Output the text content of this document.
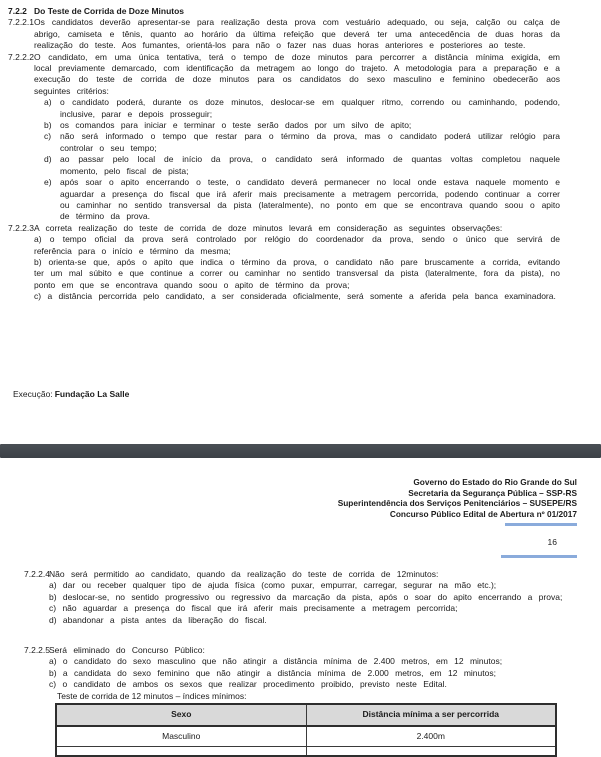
7.2.2 Do Teste de Corrida de Doze Minutos
7.2.2.1 Os candidatos deverão apresentar-se para realização desta prova com vestuário adequado, ou seja, calção ou calça de abrigo, camiseta e tênis, quanto ao horário da última refeição que deverá ter uma antecedência de duas horas da realização do teste. Aos fumantes, orientá-los para não o fazer nas duas horas anteriores e posteriores ao teste.
7.2.2.2 O candidato, em uma única tentativa, terá o tempo de doze minutos para percorrer a distância mínima exigida, em local previamente demarcado, com identificação da metragem ao longo do trajeto. A metodologia para a preparação e a execução do teste de corrida de doze minutos para os candidatos do sexo masculino e feminino obedecerão aos seguintes critérios:
a) o candidato poderá, durante os doze minutos, deslocar-se em qualquer ritmo, correndo ou caminhando, podendo, inclusive, parar e depois prosseguir;
b) os comandos para iniciar e terminar o teste serão dados por um silvo de apito;
c) não será informado o tempo que restar para o término da prova, mas o candidato poderá utilizar relógio para controlar o seu tempo;
d) ao passar pelo local de início da prova, o candidato será informado de quantas voltas completou naquele momento, pelo fiscal de pista;
e) após soar o apito encerrando o teste, o candidato deverá permanecer no local onde estava naquele momento e aguardar a presença do fiscal que irá aferir mais precisamente a metragem percorrida, podendo continuar a correr ou caminhar no sentido transversal da pista (lateralmente), no ponto em que se encontrava quando soou o apito de término da prova.
7.2.2.3 A correta realização do teste de corrida de doze minutos levará em consideração as seguintes observações:
a) o tempo oficial da prova será controlado por relógio do coordenador da prova, sendo o único que servirá de referência para o início e término da mesma;
b) orienta-se que, após o apito que indica o término da prova, o candidato não pare bruscamente a corrida, evitando ter um mal súbito e que continue a correr ou caminhar no sentido transversal da pista (lateralmente, fora da pista), no ponto em que se encontrava quando soou o apito de término da prova;
c) a distância percorrida pelo candidato, a ser considerada oficialmente, será somente a aferida pela banca examinadora.
Execução: Fundação La Salle
Governo do Estado do Rio Grande do Sul
Secretaria da Segurança Pública – SSP-RS
Superintendência dos Serviços Penitenciários – SUSEPE/RS
Concurso Público Edital de Abertura nº 01/2017
16
7.2.2.4 Não será permitido ao candidato, quando da realização do teste de corrida de 12minutos:
a) dar ou receber qualquer tipo de ajuda física (como puxar, empurrar, carregar, segurar na mão etc.);
b) deslocar-se, no sentido progressivo ou regressivo da marcação da pista, após o soar do apito encerrando a prova;
c) não aguardar a presença do fiscal que irá aferir mais precisamente a metragem percorrida;
d) abandonar a pista antes da liberação do fiscal.
7.2.2.5 Será eliminado do Concurso Público:
a) o candidato do sexo masculino que não atingir a distância mínima de 2.400 metros, em 12 minutos;
b) a candidata do sexo feminino que não atingir a distância mínima de 2.000 metros, em 12 minutos;
c) o candidato de ambos os sexos que realizar procedimento proibido, previsto neste Edital.
Teste de corrida de 12 minutos – índices mínimos:
Sexo	Distância mínima a ser percorrida
Masculino	2.400m
